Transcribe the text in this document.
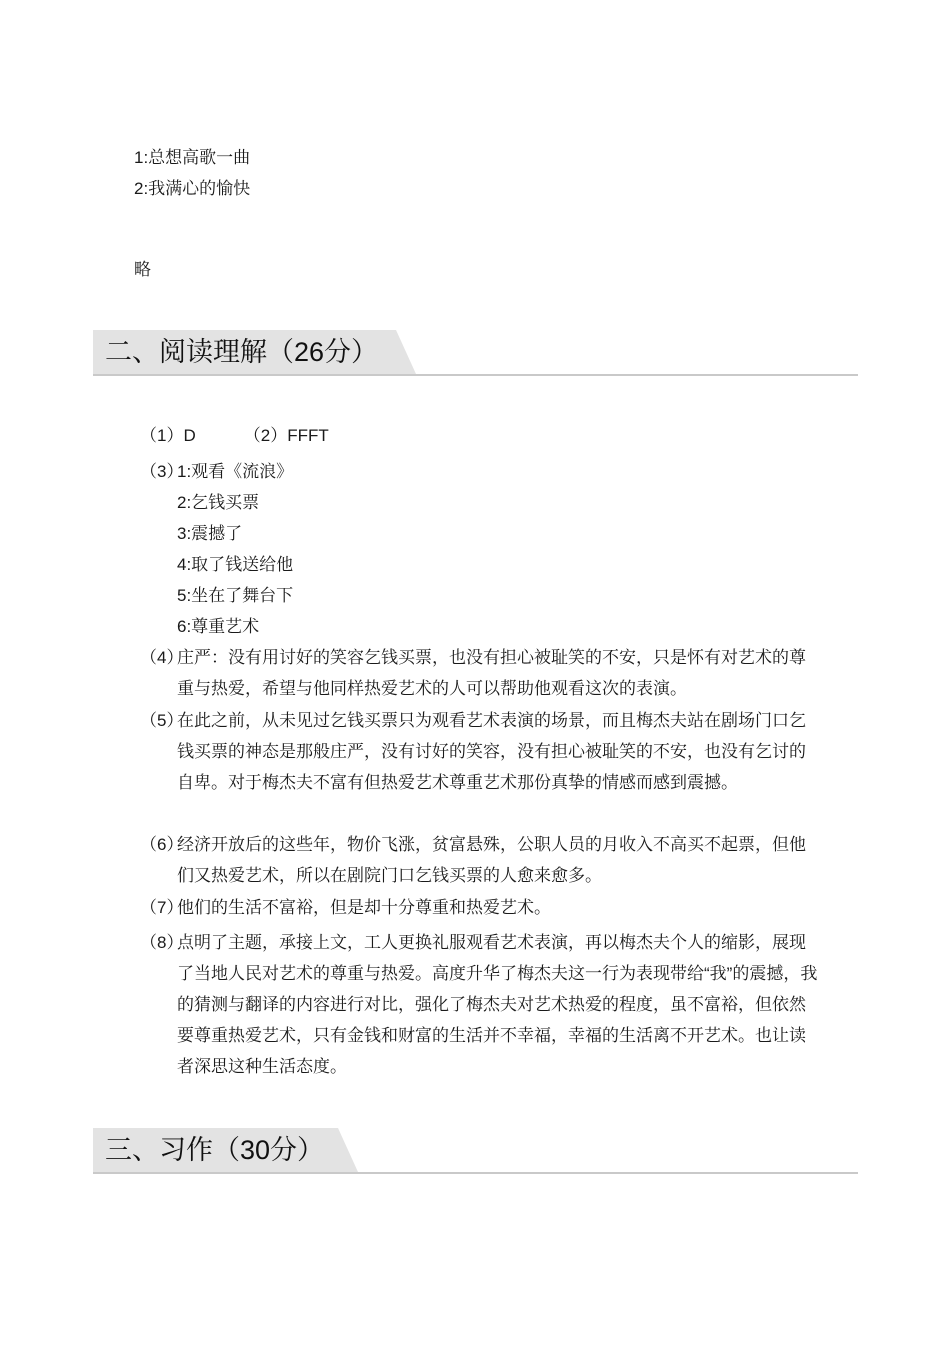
1:总想高歌一曲
2:我满心的愉快
略
二、阅读理解（26分）
（1）D	（2）FFFT
（3）
1:观看《流浪》
2:乞钱买票
3:震撼了
4:取了钱送给他
5:坐在了舞台下
6:尊重艺术
（4）
庄严：没有用讨好的笑容乞钱买票，也没有担心被耻笑的不安，只是怀有对艺术的尊重与热爱，希望与他同样热爱艺术的人可以帮助他观看这次的表演。
（5）
在此之前，从未见过乞钱买票只为观看艺术表演的场景，而且梅杰夫站在剧场门口乞钱买票的神态是那般庄严，没有讨好的笑容，没有担心被耻笑的不安，也没有乞讨的自卑。对于梅杰夫不富有但热爱艺术尊重艺术那份真挚的情感而感到震撼。
（6）
经济开放后的这些年，物价飞涨，贫富悬殊，公职人员的月收入不高买不起票，但他们又热爱艺术，所以在剧院门口乞钱买票的人愈来愈多。
（7）
他们的生活不富裕，但是却十分尊重和热爱艺术。
（8）
点明了主题，承接上文，工人更换礼服观看艺术表演，再以梅杰夫个人的缩影，展现了当地人民对艺术的尊重与热爱。高度升华了梅杰夫这一行为表现带给“我”的震撼，我的猜测与翻译的内容进行对比，强化了梅杰夫对艺术热爱的程度，虽不富裕，但依然要尊重热爱艺术，只有金钱和财富的生活并不幸福，幸福的生活离不开艺术。也让读者深思这种生活态度。
三、习作（30分）
